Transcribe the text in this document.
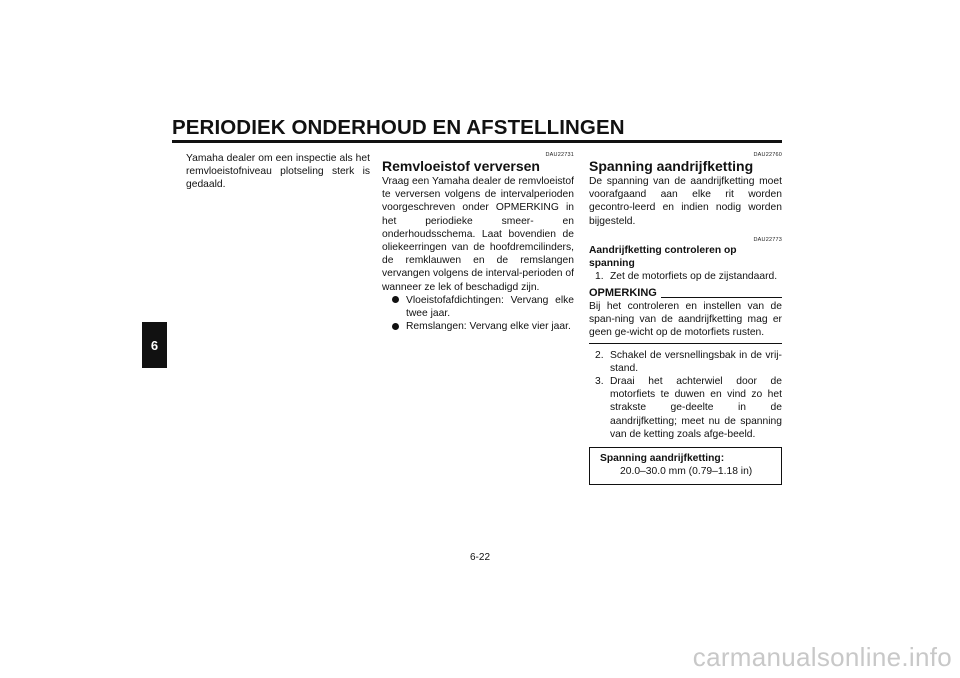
PERIODIEK ONDERHOUD EN AFSTELLINGEN
6

Yamaha dealer om een inspectie als het remvloeistofniveau plotseling sterk is gedaald.

DAU22731
Remvloeistof verversen

Vraag een Yamaha dealer de remvloeistof te verversen volgens de intervalperioden voorgeschreven onder OPMERKING in het periodieke smeer- en onderhoudsschema. Laat bovendien de oliekeerringen van de hoofdremcilinders, de remklauwen en de remslangen vervangen volgens de interval-perioden of wanneer ze lek of beschadigd zijn.

Vloeistofafdichtingen: Vervang elke twee jaar.
Remslangen: Vervang elke vier jaar.
DAU22760
Spanning aandrijfketting

De spanning van de aandrijfketting moet voorafgaand aan elke rit worden gecontro-leerd en indien nodig worden bijgesteld.

DAU22773
Aandrijfketting controleren op spanning
1. Zet de motorfiets op de zijstandaard.
OPMERKING

Bij het controleren en instellen van de span-ning van de aandrijfketting mag er geen ge-wicht op de motorfiets rusten.

2. Schakel de versnellingsbak in de vrij-stand.
3. Draai het achterwiel door de motorfiets te duwen en vind zo het strakste ge-deelte in de aandrijfketting; meet nu de spanning van de ketting zoals afge-beeld.
Spanning aandrijfketting:
20.0–30.0 mm (0.79–1.18 in)
6-22
carmanualsonline.info
